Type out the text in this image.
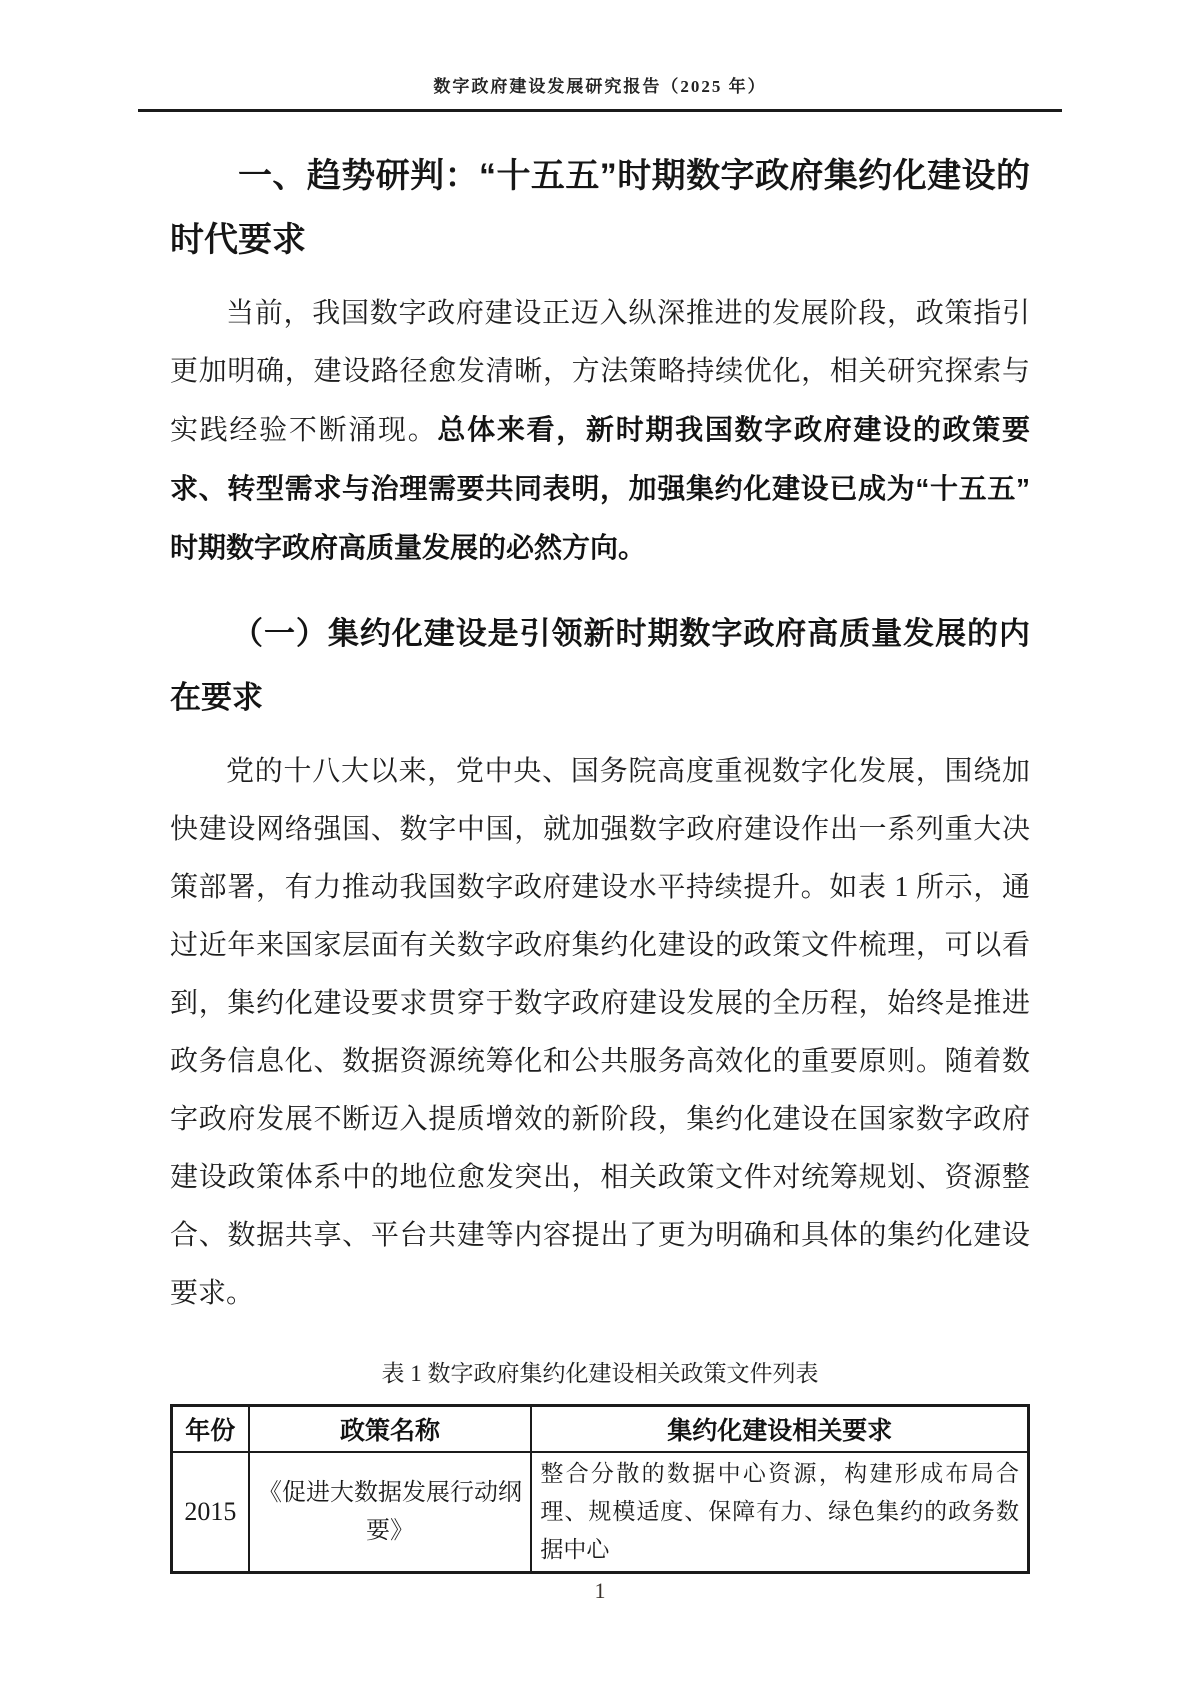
数字政府建设发展研究报告（2025 年）
一、趋势研判：“十五五”时期数字政府集约化建设的时代要求

当前，我国数字政府建设正迈入纵深推进的发展阶段，政策指引更加明确，建设路径愈发清晰，方法策略持续优化，相关研究探索与实践经验不断涌现。总体来看，新时期我国数字政府建设的政策要求、转型需求与治理需要共同表明，加强集约化建设已成为“十五五”时期数字政府高质量发展的必然方向。

（一）集约化建设是引领新时期数字政府高质量发展的内在要求

党的十八大以来，党中央、国务院高度重视数字化发展，围绕加快建设网络强国、数字中国，就加强数字政府建设作出一系列重大决策部署，有力推动我国数字政府建设水平持续提升。如表 1 所示，通过近年来国家层面有关数字政府集约化建设的政策文件梳理，可以看到，集约化建设要求贯穿于数字政府建设发展的全历程，始终是推进政务信息化、数据资源统筹化和公共服务高效化的重要原则。随着数字政府发展不断迈入提质增效的新阶段，集约化建设在国家数字政府建设政策体系中的地位愈发突出，相关政策文件对统筹规划、资源整合、数据共享、平台共建等内容提出了更为明确和具体的集约化建设要求。

表 1 数字政府集约化建设相关政策文件列表

年份	政策名称	集约化建设相关要求
2015	《促进大数据发展行动纲要》	整合分散的数据中心资源，构建形成布局合理、规模适度、保障有力、绿色集约的政务数据中心
1
